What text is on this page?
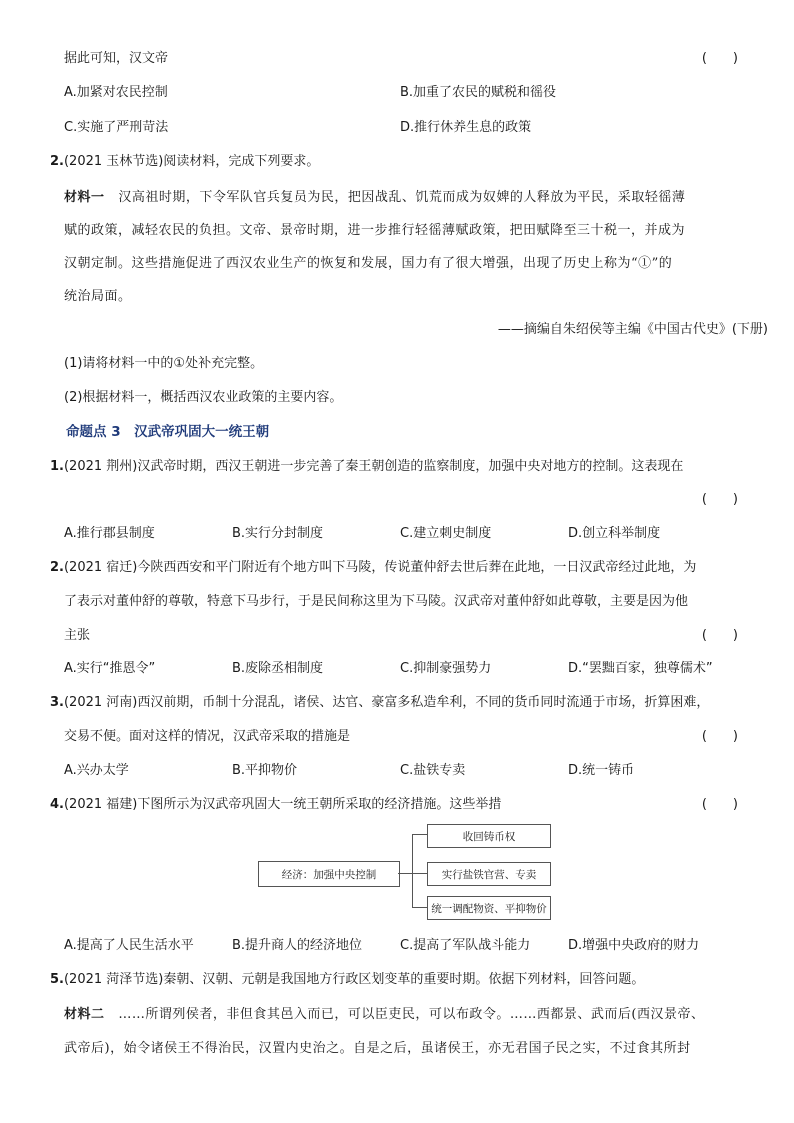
据此可知，汉文帝	(　　)
A.加紧对农民控制	B.加重了农民的赋税和徭役
C.实施了严刑苛法	D.推行休养生息的政策
2.(2021 玉林节选)阅读材料，完成下列要求。
材料一 汉高祖时期，下令军队官兵复员为民，把因战乱、饥荒而成为奴婢的人释放为平民，采取轻徭薄
赋的政策，减轻农民的负担。文帝、景帝时期，进一步推行轻徭薄赋政策，把田赋降至三十税一，并成为
汉朝定制。这些措施促进了西汉农业生产的恢复和发展，国力有了很大增强，出现了历史上称为“①”的
统治局面。
——摘编自朱绍侯等主编《中国古代史》(下册)
(1)请将材料一中的①处补充完整。
(2)根据材料一，概括西汉农业政策的主要内容。
命题点 3　汉武帝巩固大一统王朝
1.(2021 荆州)汉武帝时期，西汉王朝进一步完善了秦王朝创造的监察制度，加强中央对地方的控制。这表现在
(　　)
A.推行郡县制度	B.实行分封制度	C.建立刺史制度	D.创立科举制度
2.(2021 宿迁)今陕西西安和平门附近有个地方叫下马陵，传说董仲舒去世后葬在此地，一日汉武帝经过此地，为
了表示对董仲舒的尊敬，特意下马步行，于是民间称这里为下马陵。汉武帝对董仲舒如此尊敬，主要是因为他
主张	(　　)
A.实行“推恩令”	B.废除丞相制度	C.抑制豪强势力	D.“罢黜百家，独尊儒术”
3.(2021 河南)西汉前期，币制十分混乱，诸侯、达官、豪富多私造牟利，不同的货币同时流通于市场，折算困难，
交易不便。面对这样的情况，汉武帝采取的措施是	(　　)
A.兴办太学	B.平抑物价	C.盐铁专卖	D.统一铸币
4.(2021 福建)下图所示为汉武帝巩固大一统王朝所采取的经济措施。这些举措	(　　)
经济：加强中央控制
收回铸币权
实行盐铁官营、专卖
统一调配物资、平抑物价
A.提高了人民生活水平	B.提升商人的经济地位	C.提高了军队战斗能力	D.增强中央政府的财力
5.(2021 菏泽节选)秦朝、汉朝、元朝是我国地方行政区划变革的重要时期。依据下列材料，回答问题。
材料二 ……所谓列侯者，非但食其邑入而已，可以臣吏民，可以布政令。……西都景、武而后(西汉景帝、
武帝后)，始令诸侯王不得治民，汉置内史治之。自是之后，虽诸侯王，亦无君国子民之实，不过食其所封
